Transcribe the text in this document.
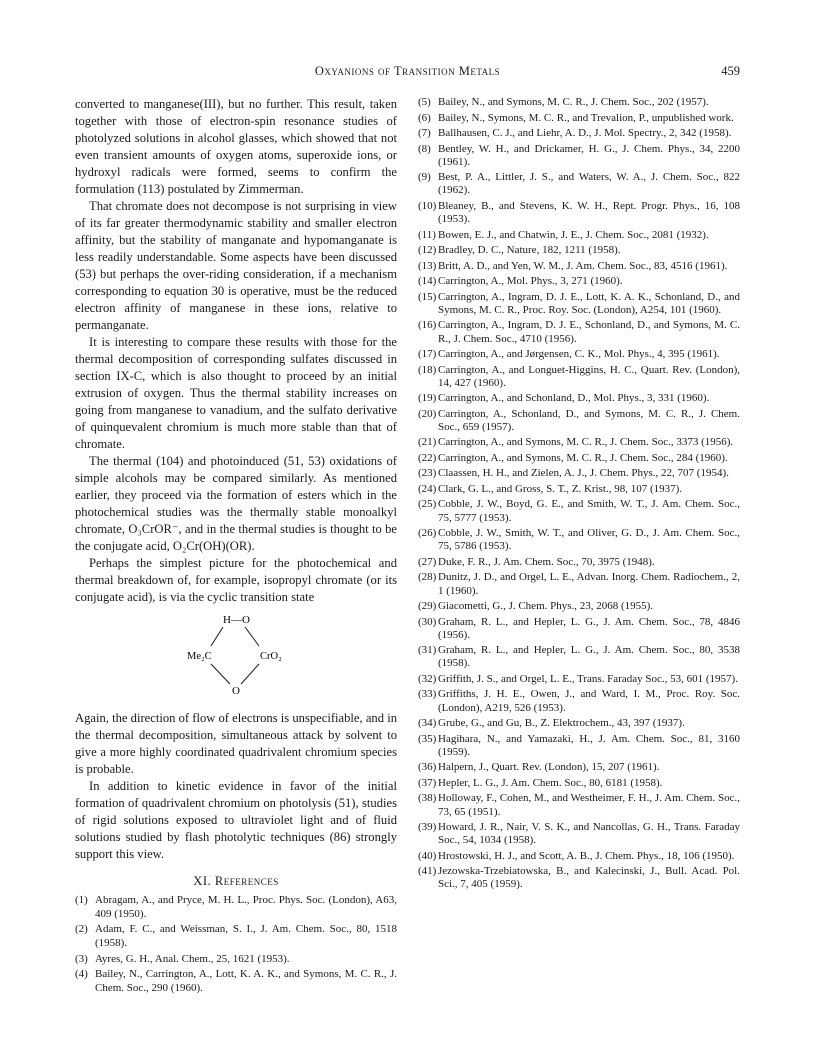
Oxyanions of Transition Metals	459

converted to manganese(III), but no further. This result, taken together with those of electron-spin resonance studies of photolyzed solutions in alcohol glasses, which showed that not even transient amounts of oxygen atoms, superoxide ions, or hydroxyl radicals were formed, seems to confirm the formulation (113) postulated by Zimmerman.

That chromate does not decompose is not surprising in view of its far greater thermodynamic stability and smaller electron affinity, but the stability of manganate and hypomanganate is less readily understandable. Some aspects have been discussed (53) but perhaps the over-riding consideration, if a mechanism corresponding to equation 30 is operative, must be the reduced electron affinity of manganese in these ions, relative to permanganate.

It is interesting to compare these results with those for the thermal decomposition of corresponding sulfates discussed in section IX-C, which is also thought to proceed by an initial extrusion of oxygen. Thus the thermal stability increases on going from manganese to vanadium, and the sulfato derivative of quinquevalent chromium is much more stable than that of chromate.

The thermal (104) and photoinduced (51, 53) oxidations of simple alcohols may be compared similarly. As mentioned earlier, they proceed via the formation of esters which in the photochemical studies was the thermally stable monoalkyl chromate, O₃CrOR⁻, and in the thermal studies is thought to be the conjugate acid, O₂Cr(OH)(OR).

Perhaps the simplest picture for the photochemical and thermal breakdown of, for example, isopropyl chromate (or its conjugate acid), is via the cyclic transition state

H—O
Me₂C	CrO₂
O

Again, the direction of flow of electrons is unspecifiable, and in the thermal decomposition, simultaneous attack by solvent to give a more highly coordinated quadrivalent chromium species is probable.

In addition to kinetic evidence in favor of the initial formation of quadrivalent chromium on photolysis (51), studies of rigid solutions exposed to ultraviolet light and of fluid solutions studied by flash photolytic techniques (86) strongly support this view.

XI. References
(1) Abragam, A., and Pryce, M. H. L., Proc. Phys. Soc. (London), A63, 409 (1950).
(2) Adam, F. C., and Weissman, S. I., J. Am. Chem. Soc., 80, 1518 (1958).
(3) Ayres, G. H., Anal. Chem., 25, 1621 (1953).
(4) Bailey, N., Carrington, A., Lott, K. A. K., and Symons, M. C. R., J. Chem. Soc., 290 (1960).
(5) Bailey, N., and Symons, M. C. R., J. Chem. Soc., 202 (1957).
(6) Bailey, N., Symons, M. C. R., and Trevalion, P., unpublished work.
(7) Ballhausen, C. J., and Liehr, A. D., J. Mol. Spectry., 2, 342 (1958).
(8) Bentley, W. H., and Drickamer, H. G., J. Chem. Phys., 34, 2200 (1961).
(9) Best, P. A., Littler, J. S., and Waters, W. A., J. Chem. Soc., 822 (1962).
(10) Bleaney, B., and Stevens, K. W. H., Rept. Progr. Phys., 16, 108 (1953).
(11) Bowen, E. J., and Chatwin, J. E., J. Chem. Soc., 2081 (1932).
(12) Bradley, D. C., Nature, 182, 1211 (1958).
(13) Britt, A. D., and Yen, W. M., J. Am. Chem. Soc., 83, 4516 (1961).
(14) Carrington, A., Mol. Phys., 3, 271 (1960).
(15) Carrington, A., Ingram, D. J. E., Lott, K. A. K., Schonland, D., and Symons, M. C. R., Proc. Roy. Soc. (London), A254, 101 (1960).
(16) Carrington, A., Ingram, D. J. E., Schonland, D., and Symons, M. C. R., J. Chem. Soc., 4710 (1956).
(17) Carrington, A., and Jørgensen, C. K., Mol. Phys., 4, 395 (1961).
(18) Carrington, A., and Longuet-Higgins, H. C., Quart. Rev. (London), 14, 427 (1960).
(19) Carrington, A., and Schonland, D., Mol. Phys., 3, 331 (1960).
(20) Carrington, A., Schonland, D., and Symons, M. C. R., J. Chem. Soc., 659 (1957).
(21) Carrington, A., and Symons, M. C. R., J. Chem. Soc., 3373 (1956).
(22) Carrington, A., and Symons, M. C. R., J. Chem. Soc., 284 (1960).
(23) Claassen, H. H., and Zielen, A. J., J. Chem. Phys., 22, 707 (1954).
(24) Clark, G. L., and Gross, S. T., Z. Krist., 98, 107 (1937).
(25) Cobble, J. W., Boyd, G. E., and Smith, W. T., J. Am. Chem. Soc., 75, 5777 (1953).
(26) Cobble, J. W., Smith, W. T., and Oliver, G. D., J. Am. Chem. Soc., 75, 5786 (1953).
(27) Duke, F. R., J. Am. Chem. Soc., 70, 3975 (1948).
(28) Dunitz, J. D., and Orgel, L. E., Advan. Inorg. Chem. Radiochem., 2, 1 (1960).
(29) Giacometti, G., J. Chem. Phys., 23, 2068 (1955).
(30) Graham, R. L., and Hepler, L. G., J. Am. Chem. Soc., 78, 4846 (1956).
(31) Graham, R. L., and Hepler, L. G., J. Am. Chem. Soc., 80, 3538 (1958).
(32) Griffith, J. S., and Orgel, L. E., Trans. Faraday Soc., 53, 601 (1957).
(33) Griffiths, J. H. E., Owen, J., and Ward, I. M., Proc. Roy. Soc. (London), A219, 526 (1953).
(34) Grube, G., and Gu, B., Z. Elektrochem., 43, 397 (1937).
(35) Hagihara, N., and Yamazaki, H., J. Am. Chem. Soc., 81, 3160 (1959).
(36) Halpern, J., Quart. Rev. (London), 15, 207 (1961).
(37) Hepler, L. G., J. Am. Chem. Soc., 80, 6181 (1958).
(38) Holloway, F., Cohen, M., and Westheimer, F. H., J. Am. Chem. Soc., 73, 65 (1951).
(39) Howard, J. R., Nair, V. S. K., and Nancollas, G. H., Trans. Faraday Soc., 54, 1034 (1958).
(40) Hrostowski, H. J., and Scott, A. B., J. Chem. Phys., 18, 106 (1950).
(41) Jezowska-Trzebiatowska, B., and Kalecinski, J., Bull. Acad. Pol. Sci., 7, 405 (1959).
